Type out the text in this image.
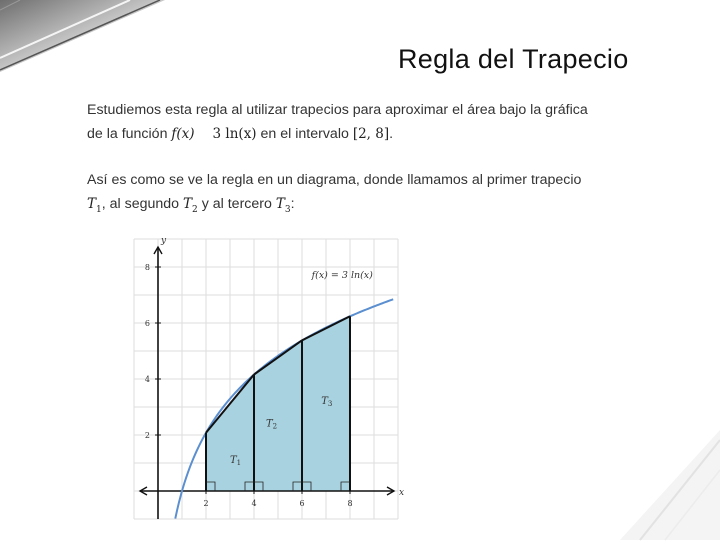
Regla del Trapecio
Estudiemos esta regla al utilizar trapecios para aproximar el área bajo la gráfica
de la función f(x) 3 ln(x) en el intervalo [2, 8].
Así es como se ve la regla en un diagrama, donde llamamos al primer trapecio
$T_1$, al segundo $T_2$ y al tercero $T_3$:
2	4	6	8
2
4
6
8
x
y
f(x) = 3 ln(x)
$T_1$
$T_2$
$T_3$
